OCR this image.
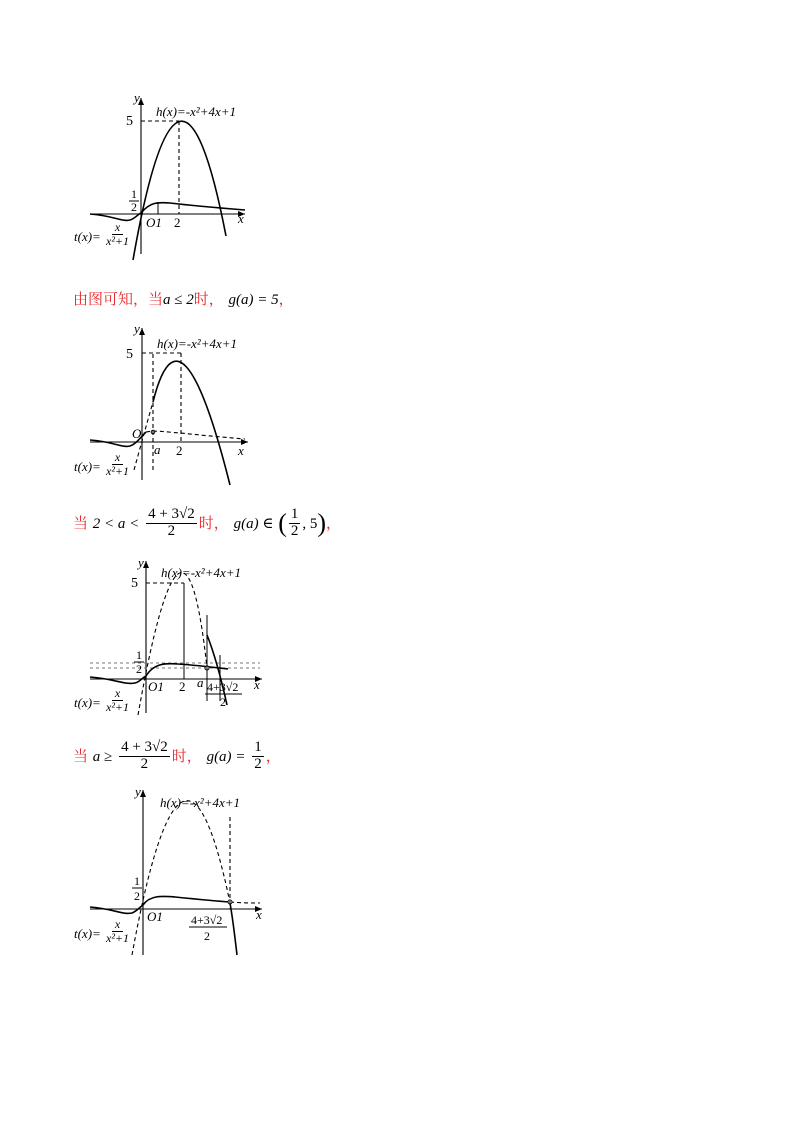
y
x
5
1
2
O1 2
h(x)=-x²+4x+1
$t(x)= \frac{x}{\text{x²+1}}$
由图可知，当a ≤ 2时， g(a) = 5，
y
x
5
O
a 2
h(x)=-x²+4x+1
$t(x)= \frac{x}{\text{x²+1}}$
当 $2 < a < \frac{4 + 3√2}{2}$ 时， g(a) ∈ ( $\frac{1}{2}$ , 5)，
y
x
5
1
2
O1 2 a 4+3√2
2
h(x)=-x²+4x+1
$t(x)= \frac{x}{\text{x²+1}}$
当 $a \ge \frac{4 + 3√2}{2}$ 时， $g(a) = \frac{1}{2}$ ，
y
x
1
2
O1 4+3√2
2
h(x)=-x²+4x+1
$t(x)= \frac{x}{\text{x²+1}}$
